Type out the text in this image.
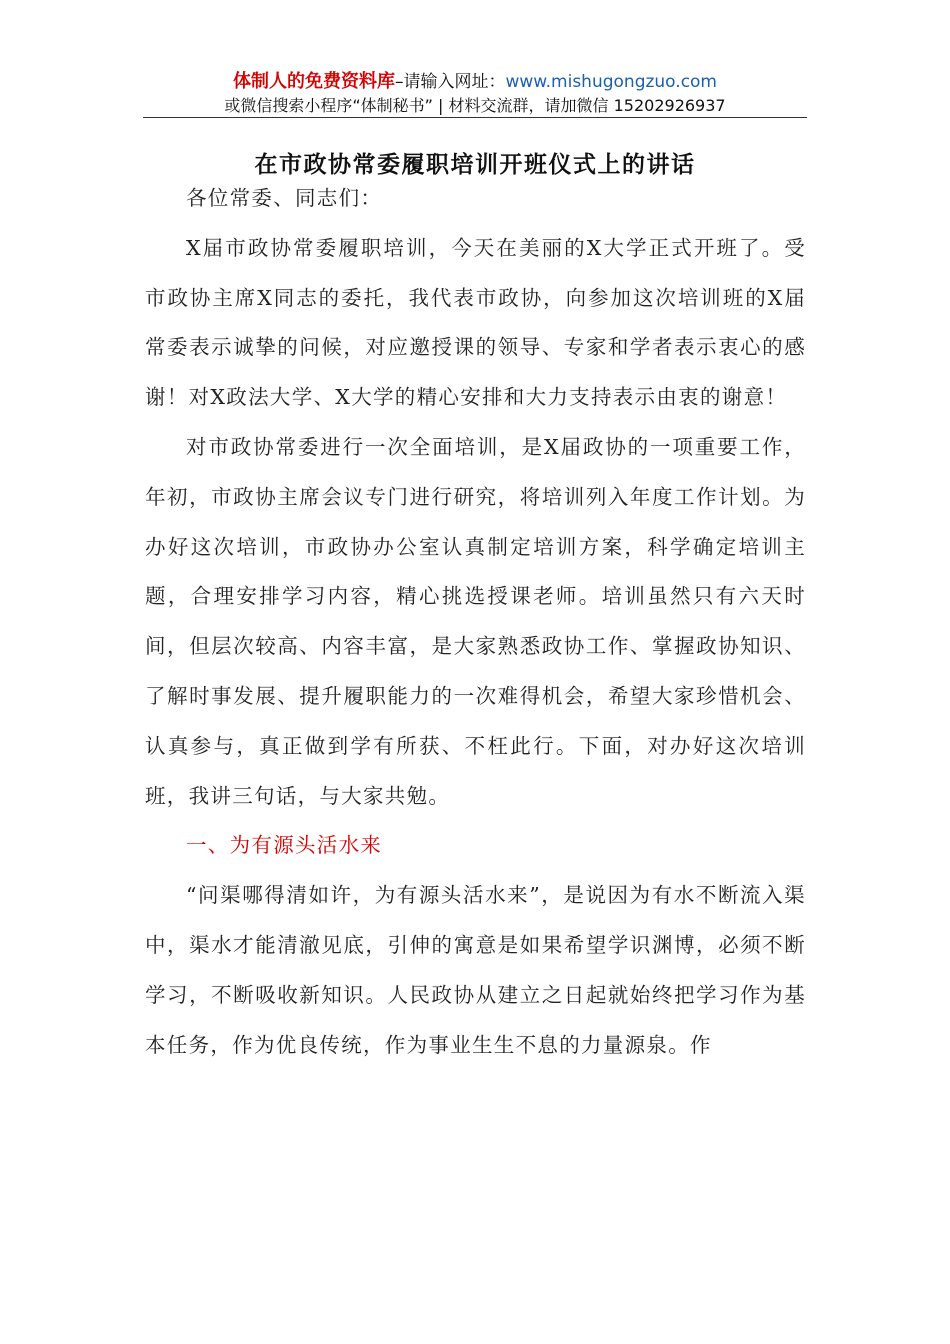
体制人的免费资料库–请输入网址：www.mishugongzuo.com
或微信搜索小程序“体制秘书” | 材料交流群，请加微信 15202926937
在市政协常委履职培训开班仪式上的讲话

各位常委、同志们：

X届市政协常委履职培训，今天在美丽的X大学正式开班了。受市政协主席X同志的委托，我代表市政协，向参加这次培训班的X届常委表示诚挚的问候，对应邀授课的领导、专家和学者表示衷心的感谢！对X政法大学、X大学的精心安排和大力支持表示由衷的谢意！

对市政协常委进行一次全面培训，是X届政协的一项重要工作，年初，市政协主席会议专门进行研究，将培训列入年度工作计划。为办好这次培训，市政协办公室认真制定培训方案，科学确定培训主题，合理安排学习内容，精心挑选授课老师。培训虽然只有六天时间，但层次较高、内容丰富，是大家熟悉政协工作、掌握政协知识、了解时事发展、提升履职能力的一次难得机会，希望大家珍惜机会、认真参与，真正做到学有所获、不枉此行。下面，对办好这次培训班，我讲三句话，与大家共勉。

一、为有源头活水来

“问渠哪得清如许，为有源头活水来”，是说因为有水不断流入渠中，渠水才能清澈见底，引伸的寓意是如果希望学识渊博，必须不断学习，不断吸收新知识。人民政协从建立之日起就始终把学习作为基本任务，作为优良传统，作为事业生生不息的力量源泉。作
